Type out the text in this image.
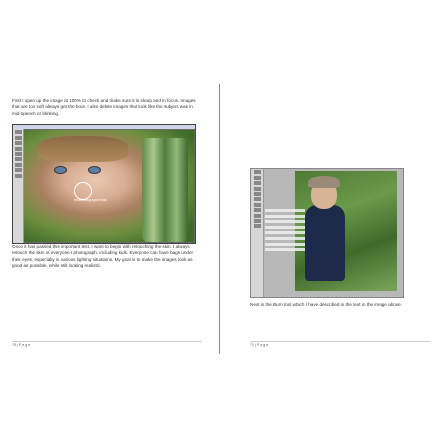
First I open up the image at 100% to check and make sure it is sharp and in focus. Images that are too soft always get the boot. I also delete images that look like the subject was in mid-speech or blinking.
retouching spot heal
Once it has passed this important test, I want to begin with retouching the skin. I always retouch the skin of everyone I photograph, including kids. Everyone can have bags under their eyes, especially in various lighting situations. My goal is to make the images look as good as possible, while still looking realistic.
70 | P a g e
Next is the Burn tool which I have described in the text in the image above.
71 | P a g e
